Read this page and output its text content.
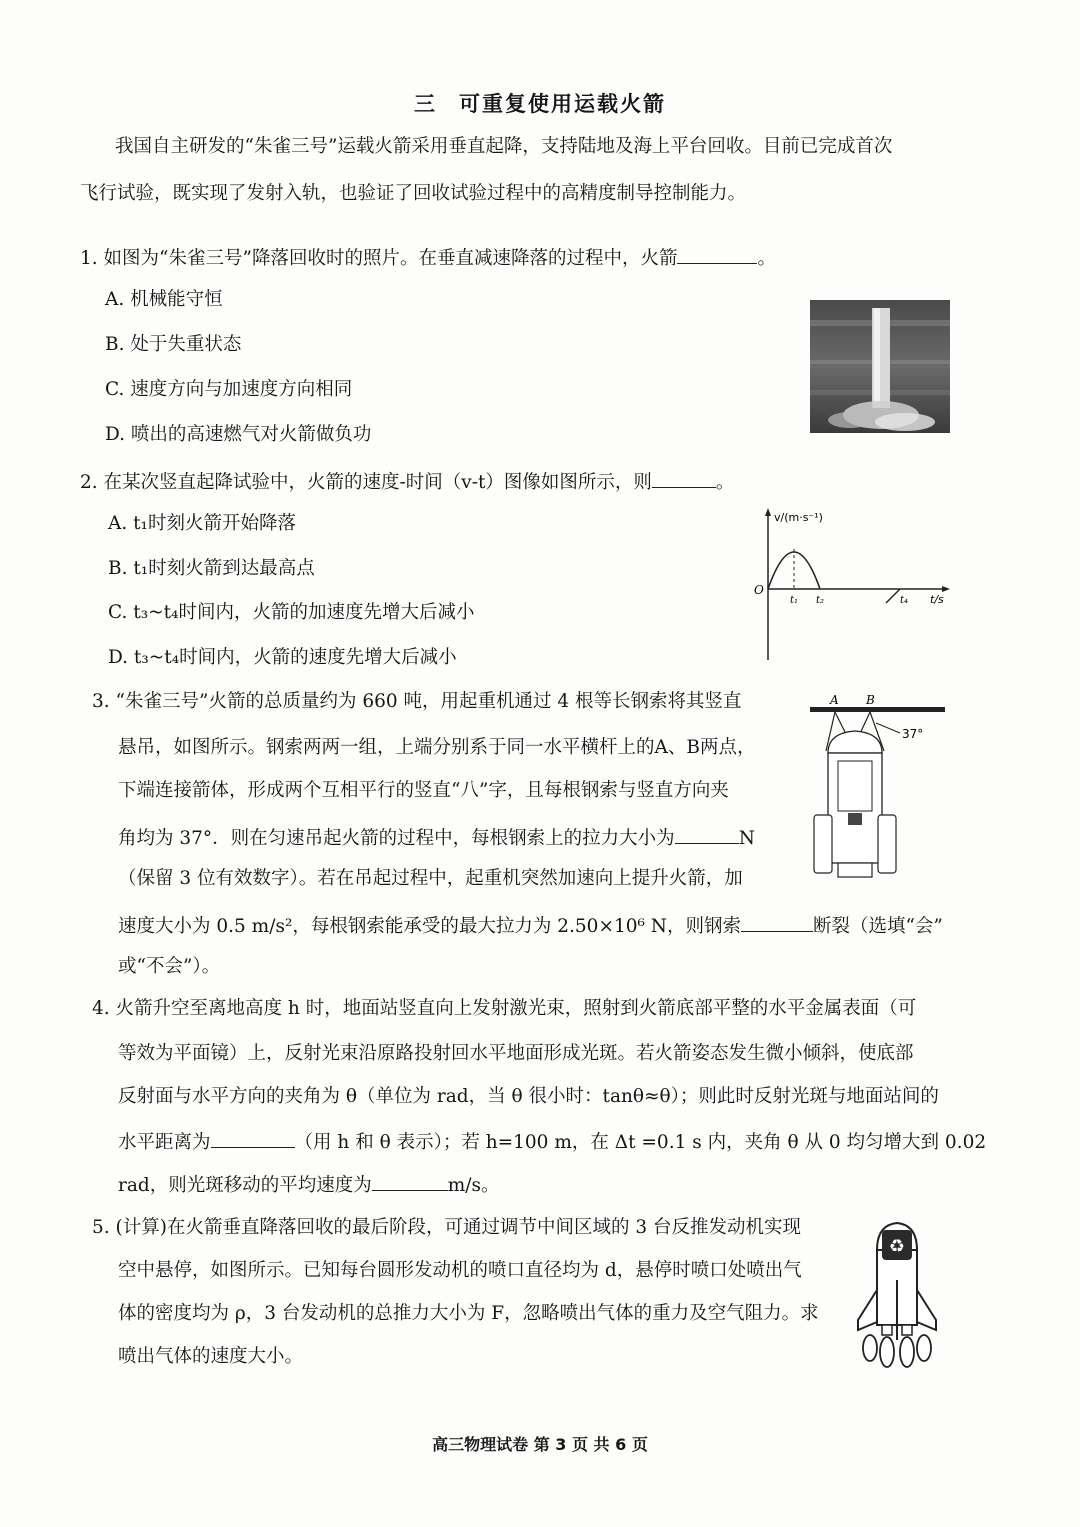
三 可重复使用运载火箭
我国自主研发的“朱雀三号”运载火箭采用垂直起降，支持陆地及海上平台回收。目前已完成首次
飞行试验，既实现了发射入轨，也验证了回收试验过程中的高精度制导控制能力。
1. 如图为“朱雀三号”降落回收时的照片。在垂直减速降落的过程中，火箭	。
A. 机械能守恒
B. 处于失重状态
C. 速度方向与加速度方向相同
D. 喷出的高速燃气对火箭做负功
2. 在某次竖直起降试验中，火箭的速度-时间（v-t）图像如图所示，则	。
A. t₁时刻火箭开始降落
B. t₁时刻火箭到达最高点
C. t₃~t₄时间内，火箭的加速度先增大后减小
D. t₃~t₄时间内，火箭的速度先增大后减小
O
v/(m·s⁻¹)
t/s
t₁ t₂	t₄
3. “朱雀三号”火箭的总质量约为 660 吨，用起重机通过 4 根等长钢索将其竖直
悬吊，如图所示。钢索两两一组，上端分别系于同一水平横杆上的A、B两点，
下端连接箭体，形成两个互相平行的竖直“八”字，且每根钢索与竖直方向夹
角均为 37°．则在匀速吊起火箭的过程中，每根钢索上的拉力大小为	N
（保留 3 位有效数字）。若在吊起过程中，起重机突然加速向上提升火箭，加
速度大小为 0.5 m/s²，每根钢索能承受的最大拉力为 2.50×10⁶ N，则钢索	断裂（选填“会”
或“不会”）。
A B
37°
4. 火箭升空至离地高度 h 时，地面站竖直向上发射激光束，照射到火箭底部平整的水平金属表面（可
等效为平面镜）上，反射光束沿原路投射回水平地面形成光斑。若火箭姿态发生微小倾斜，使底部
反射面与水平方向的夹角为 θ（单位为 rad，当 θ 很小时：tanθ≈θ）；则此时反射光斑与地面站间的
水平距离为	（用 h 和 θ 表示）；若 h=100 m，在 Δt =0.1 s 内，夹角 θ 从 0 均匀增大到 0.02
rad，则光斑移动的平均速度为	m/s。
5. (计算)在火箭垂直降落回收的最后阶段，可通过调节中间区域的 3 台反推发动机实现
空中悬停，如图所示。已知每台圆形发动机的喷口直径均为 d，悬停时喷口处喷出气
体的密度均为 ρ，3 台发动机的总推力大小为 F，忽略喷出气体的重力及空气阻力。求
喷出气体的速度大小。
♻
高三物理试卷 第 3 页 共 6 页
